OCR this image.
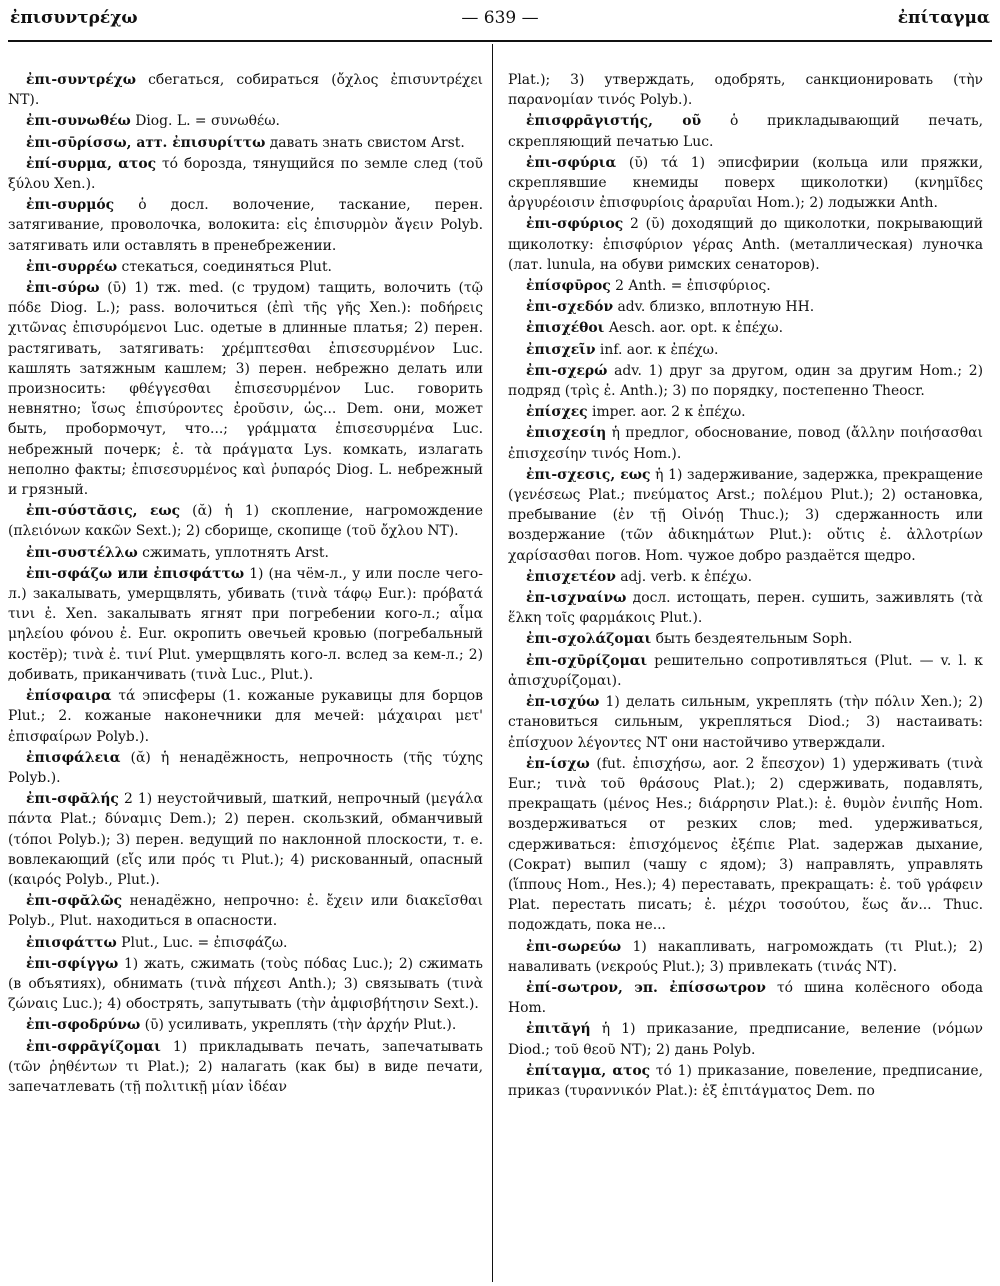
ἐπισυντρέχω	— 639 —	ἐπίταγμα

ἐπι-συντρέχω сбегаться, собираться (ὄχλος ἐπισυντρέχει NT).

ἐπι-συνωθέω Diog. L. = συνωθέω.

ἐπι-σῡρίσσω, атт. ἐπισυρίττω давать знать свистом Arst.

ἐπί-συρμα, ατος τό борозда, тянущийся по земле след (τοῦ ξύλου Xen.).

ἐπι-συρμός ὁ досл. волочение, таскание, перен. затягивание, проволочка, волокита: εἰς ἐπισυρμὸν ἄγειν Polyb. затягивать или оставлять в пренебрежении.

ἐπι-συρρέω стекаться, соединяться Plut.

ἐπι-σύρω (ῡ) 1) тж. med. (с трудом) тащить, волочить (τῷ πόδε Diog. L.); pass. волочиться (ἐπὶ τῆς γῆς Xen.): ποδήρεις χιτῶνας ἐπισυρόμενοι Luc. одетые в длинные платья; 2) перен. растягивать, затягивать: χρέμπτεσθαι ἐπισεσυρμένον Luc. кашлять затяжным кашлем; 3) перен. небрежно делать или произносить: φθέγγεσθαι ἐπισεσυρμένον Luc. говорить невнятно; ἴσως ἐπισύροντες ἐροῦσιν, ὡς... Dem. они, может быть, пробормочут, что...; γράμματα ἐπισεσυρμένα Luc. небрежный почерк; ἐ. τὰ πράγματα Lys. комкать, излагать неполно факты; ἐπισεσυρμένος καὶ ῥυπαρός Diog. L. небрежный и грязный.

ἐπι-σύστᾰσις, εως (ᾰ) ἡ 1) скопление, нагромождение (πλειόνων κακῶν Sext.); 2) сборище, скопище (τοῦ ὄχλου NT).

ἐπι-συστέλλω сжимать, уплотнять Arst.

ἐπι-σφάζω или ἐπισφάττω 1) (на чём-л., у или после чего-л.) закалывать, умерщвлять, убивать (τινὰ τάφῳ Eur.): πρόβατά τινι ἐ. Xen. закалывать ягнят при погребении кого-л.; αἷμα μηλείου φόνου ἐ. Eur. окропить овечьей кровью (погребальный костёр); τινὰ ἐ. τινί Plut. умерщвлять кого-л. вслед за кем-л.; 2) добивать, приканчивать (τινὰ Luc., Plut.).

ἐπίσφαιρα τά эписферы (1. кожаные рукавицы для борцов Plut.; 2. кожаные наконечники для мечей: μάχαιραι μετ' ἐπισφαίρων Polyb.).

ἐπισφάλεια (ᾰ) ἡ ненадёжность, непрочность (τῆς τύχης Polyb.).

ἐπι-σφᾰλής 2 1) неустойчивый, шаткий, непрочный (μεγάλα πάντα Plat.; δύναμις Dem.); 2) перен. скользкий, обманчивый (τόποι Polyb.); 3) перен. ведущий по наклонной плоскости, т. е. вовлекающий (εἴς или πρός τι Plut.); 4) рискованный, опасный (καιρός Polyb., Plut.).

ἐπι-σφᾰλῶς ненадёжно, непрочно: ἐ. ἔχειν или διακεῖσθαι Polyb., Plut. находиться в опасности.

ἐπισφάττω Plut., Luc. = ἐπισφάζω.

ἐπι-σφίγγω 1) жать, сжимать (τοὺς πόδας Luc.); 2) сжимать (в объятиях), обнимать (τινὰ πήχεσι Anth.); 3) связывать (τινὰ ζώναις Luc.); 4) обострять, запутывать (τὴν ἀμφισβήτησιν Sext.).

ἐπι-σφοδρύνω (ῡ) усиливать, укреплять (τὴν ἀρχήν Plut.).

ἐπι-σφρᾱγίζομαι 1) прикладывать печать, запечатывать (τῶν ῥηθέντων τι Plat.); 2) налагать (как бы) в виде печати, запечатлевать (τῇ πολιτικῇ μίαν ἰδέαν

Plat.); 3) утверждать, одобрять, санкционировать (τὴν παρανομίαν τινός Polyb.).

ἐπισφρᾱγιστής, οῦ ὁ прикладывающий печать, скрепляющий печатью Luc.

ἐπι-σφύρια (ῠ) τά 1) эписфирии (кольца или пряжки, скреплявшие кнемиды поверх щиколотки) (κνημῖδες ἀργυρέοισιν ἐπισφυρίοις ἀραρυῖαι Hom.); 2) лодыжки Anth.

ἐπι-σφύριος 2 (ῠ) доходящий до щиколотки, покрывающий щиколотку: ἐπισφύριον γέρας Anth. (металлическая) луночка (лат. lunula, на обуви римских сенаторов).

ἐπίσφῡρος 2 Anth. = ἐπισφύριος.

ἐπι-σχεδόν adv. близко, вплотную HH.

ἐπισχέθοι Aesch. aor. opt. к ἐπέχω.

ἐπισχεῖν inf. aor. к ἐπέχω.

ἐπι-σχερώ adv. 1) друг за другом, один за другим Hom.; 2) подряд (τρὶς ἐ. Anth.); 3) по порядку, постепенно Theocr.

ἐπίσχες imper. aor. 2 к ἐπέχω.

ἐπισχεσίη ἡ предлог, обоснование, повод (ἄλλην ποιήσασθαι ἐπισχεσίην τινός Hom.).

ἐπι-σχεσις, εως ἡ 1) задерживание, задержка, прекращение (γενέσεως Plat.; πνεύματος Arst.; πολέμου Plut.); 2) остановка, пребывание (ἐν τῇ Οἰνόῃ Thuc.); 3) сдержанность или воздержание (τῶν ἀδικημάτων Plut.): οὔτις ἐ. ἀλλοτρίων χαρίσασθαι погов. Hom. чужое добро раздаётся щедро.

ἐπισχετέον adj. verb. к ἐπέχω.

ἐπ-ισχναίνω досл. истощать, перен. сушить, заживлять (τὰ ἕλκη τοῖς φαρμάκοις Plut.).

ἐπι-σχολάζομαι быть бездеятельным Soph.

ἐπι-σχῡρίζομαι решительно сопротивляться (Plut. — v. l. к ἀπισχυρίζομαι).

ἐπ-ισχύω 1) делать сильным, укреплять (τὴν πόλιν Xen.); 2) становиться сильным, укрепляться Diod.; 3) настаивать: ἐπίσχυον λέγοντες NT они настойчиво утверждали.

ἐπ-ίσχω (fut. ἐπισχήσω, aor. 2 ἔπεσχον) 1) удерживать (τινὰ Eur.; τινὰ τοῦ θράσους Plat.); 2) сдерживать, подавлять, прекращать (μένος Hes.; διάρρησιν Plat.): ἐ. θυμὸν ἐνιπῆς Hom. воздерживаться от резких слов; med. удерживаться, сдерживаться: ἐπισχόμενος ἐξέπιε Plat. задержав дыхание, (Сократ) выпил (чашу с ядом); 3) направлять, управлять (ἵππους Hom., Hes.); 4) переставать, прекращать: ἐ. τοῦ γράφειν Plat. перестать писать; ἐ. μέχρι τοσούτου, ἕως ἄν... Thuc. подождать, пока не...

ἐπι-σωρεύω 1) накапливать, нагромождать (τι Plut.); 2) наваливать (νεκρούς Plut.); 3) привлекать (τινάς NT).

ἐπί-σωτρον, эп. ἐπίσσωτρον τό шина колёсного обода Hom.

ἐπιτᾰγή ἡ 1) приказание, предписание, веление (νόμων Diod.; τοῦ θεοῦ NT); 2) дань Polyb.

ἐπίταγμα, ατος τό 1) приказание, повеление, предписание, приказ (τυραννικόν Plat.): ἐξ ἐπιτάγματος Dem. по
